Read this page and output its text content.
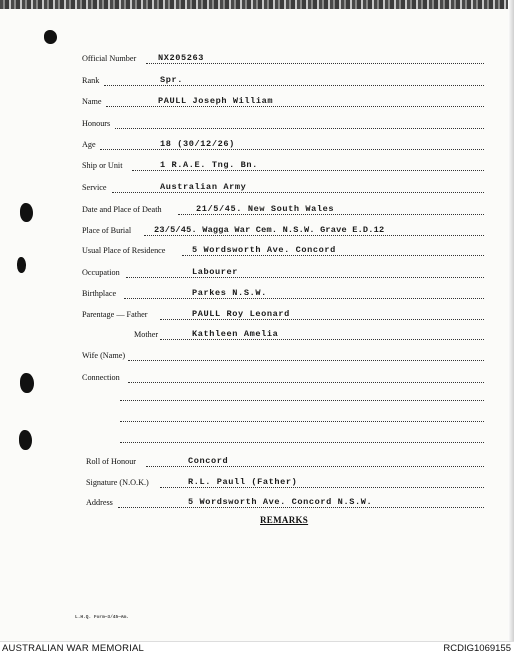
Official Number	NX205263
Rank	Spr.
Name	PAULL Joseph William
Honours
Age	18 (30/12/26)
Ship or Unit	1 R.A.E. Tng. Bn.
Service	Australian Army
Date and Place of Death	21/5/45. New South Wales
Place of Burial	23/5/45. Wagga War Cem. N.S.W. Grave E.D.12
Usual Place of Residence	5 Wordsworth Ave. Concord
Occupation	Labourer
Birthplace	Parkes N.S.W.
Parentage — Father	PAULL Roy Leonard
Mother	Kathleen Amelia
Wife (Name)
Connection
Roll of Honour	Concord
Signature (N.O.K.)	R.L. Paull (Father)
Address	5 Wordsworth Ave. Concord N.S.W.
REMARKS
L.H.Q. Form—3/45—Am.
AUSTRALIAN WAR MEMORIAL	RCDIG1069155
